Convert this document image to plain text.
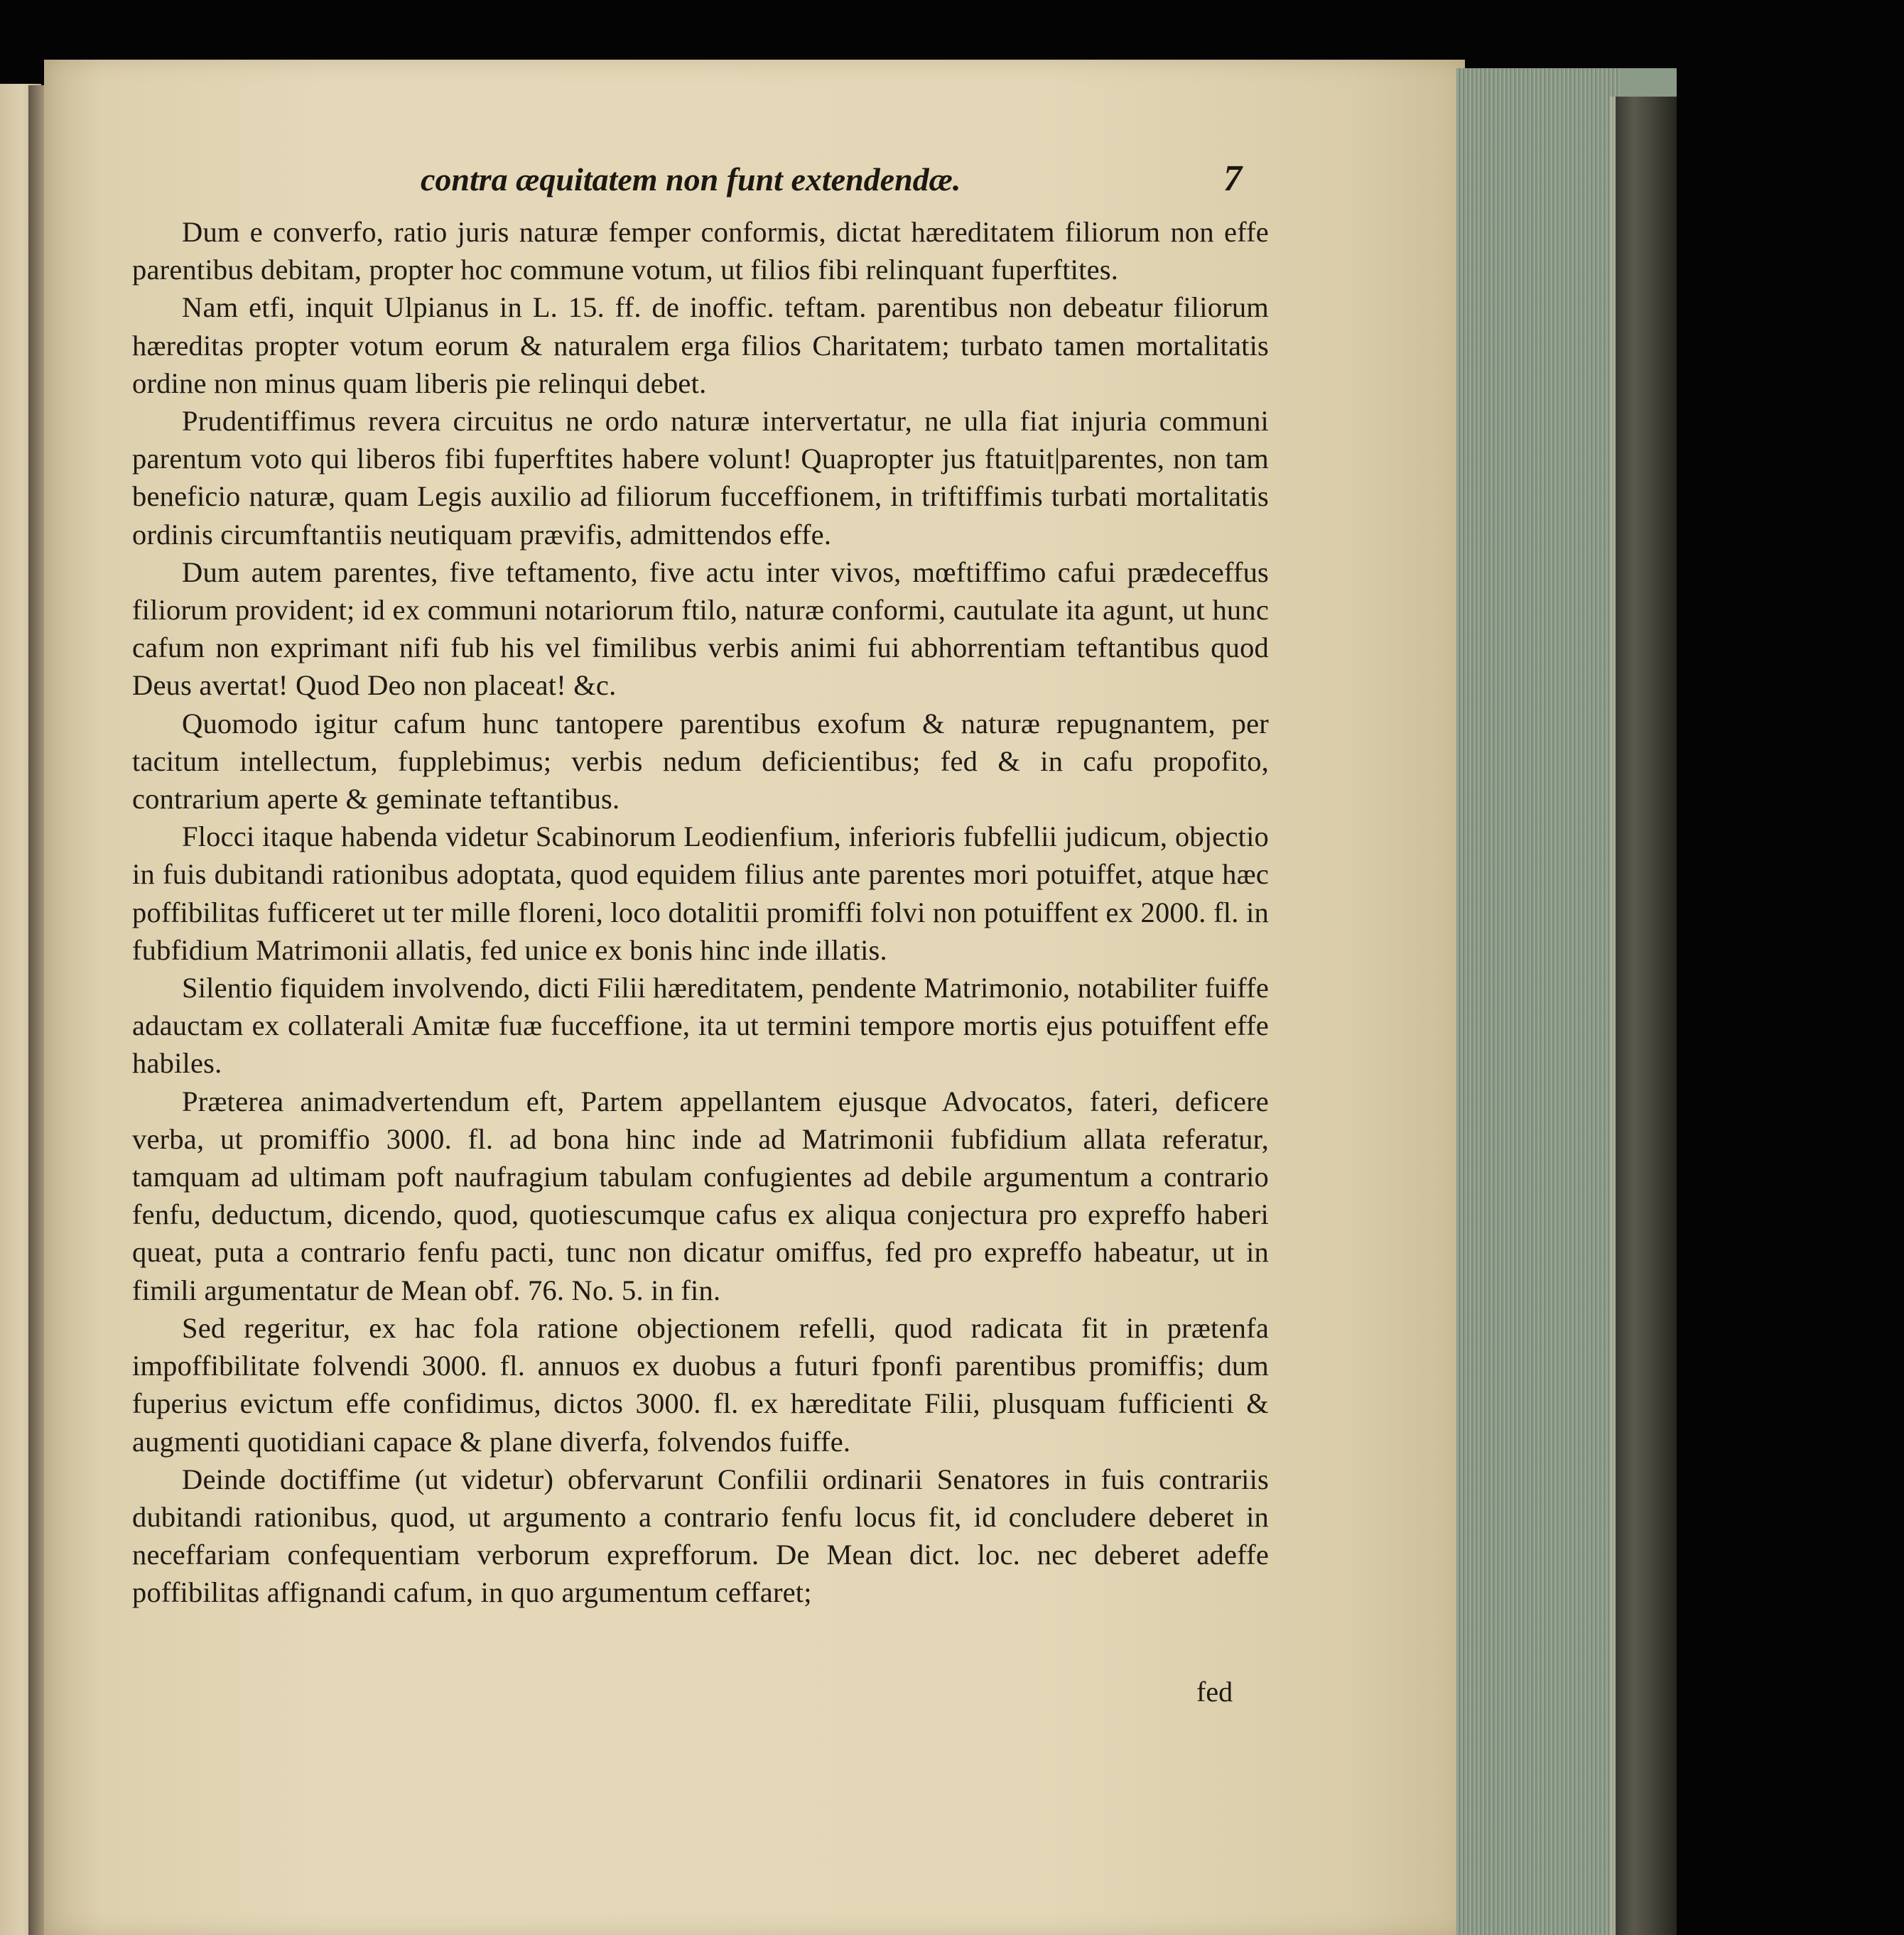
contra æquitatem non funt extendendæ.	7

Dum e converfo, ratio juris naturæ femper conformis, dictat hæreditatem filiorum non effe parentibus debitam, propter hoc commune votum, ut filios fibi relinquant fuperftites.

Nam etfi, inquit Ulpianus in L. 15. ff. de inoffic. teftam. parentibus non debeatur filiorum hæreditas propter votum eorum & naturalem erga filios Charitatem; turbato tamen mortalitatis ordine non minus quam liberis pie relinqui debet.

Prudentiffimus revera circuitus ne ordo naturæ intervertatur, ne ulla fiat injuria communi parentum voto qui liberos fibi fuperftites habere volunt! Quapropter jus ftatuit|parentes, non tam beneficio naturæ, quam Legis auxilio ad filiorum fucceffionem, in triftiffimis turbati mortalitatis ordinis circumftantiis neutiquam prævifis, admittendos effe.

Dum autem parentes, five teftamento, five actu inter vivos, mœftiffimo cafui prædeceffus filiorum provident; id ex communi notariorum ftilo, naturæ conformi, cautulate ita agunt, ut hunc cafum non exprimant nifi fub his vel fimilibus verbis animi fui abhorrentiam teftantibus quod Deus avertat! Quod Deo non placeat! &c.

Quomodo igitur cafum hunc tantopere parentibus exofum & naturæ repugnantem, per tacitum intellectum, fupplebimus; verbis nedum deficientibus; fed & in cafu propofito, contrarium aperte & geminate teftantibus.

Flocci itaque habenda videtur Scabinorum Leodienfium, inferioris fubfellii judicum, objectio in fuis dubitandi rationibus adoptata, quod equidem filius ante parentes mori potuiffet, atque hæc poffibilitas fufficeret ut ter mille floreni, loco dotalitii promiffi folvi non potuiffent ex 2000. fl. in fubfidium Matrimonii allatis, fed unice ex bonis hinc inde illatis.

Silentio fiquidem involvendo, dicti Filii hæreditatem, pendente Matrimonio, notabiliter fuiffe adauctam ex collaterali Amitæ fuæ fucceffione, ita ut termini tempore mortis ejus potuiffent effe habiles.

Præterea animadvertendum eft, Partem appellantem ejusque Advocatos, fateri, deficere verba, ut promiffio 3000. fl. ad bona hinc inde ad Matrimonii fubfidium allata referatur, tamquam ad ultimam poft naufragium tabulam confugientes ad debile argumentum a contrario fenfu, deductum, dicendo, quod, quotiescumque cafus ex aliqua conjectura pro expreffo haberi queat, puta a contrario fenfu pacti, tunc non dicatur omiffus, fed pro expreffo habeatur, ut in fimili argumentatur de Mean obf. 76. No. 5. in fin.

Sed regeritur, ex hac fola ratione objectionem refelli, quod radicata fit in prætenfa impoffibilitate folvendi 3000. fl. annuos ex duobus a futuri fponfi parentibus promiffis; dum fuperius evictum effe confidimus, dictos 3000. fl. ex hæreditate Filii, plusquam fufficienti & augmenti quotidiani capace & plane diverfa, folvendos fuiffe.

Deinde doctiffime (ut videtur) obfervarunt Confilii ordinarii Senatores in fuis contrariis dubitandi rationibus, quod, ut argumento a contrario fenfu locus fit, id concludere deberet in neceffariam confequentiam verborum exprefforum. De Mean dict. loc. nec deberet adeffe poffibilitas affignandi cafum, in quo argumentum ceffaret;

fed
